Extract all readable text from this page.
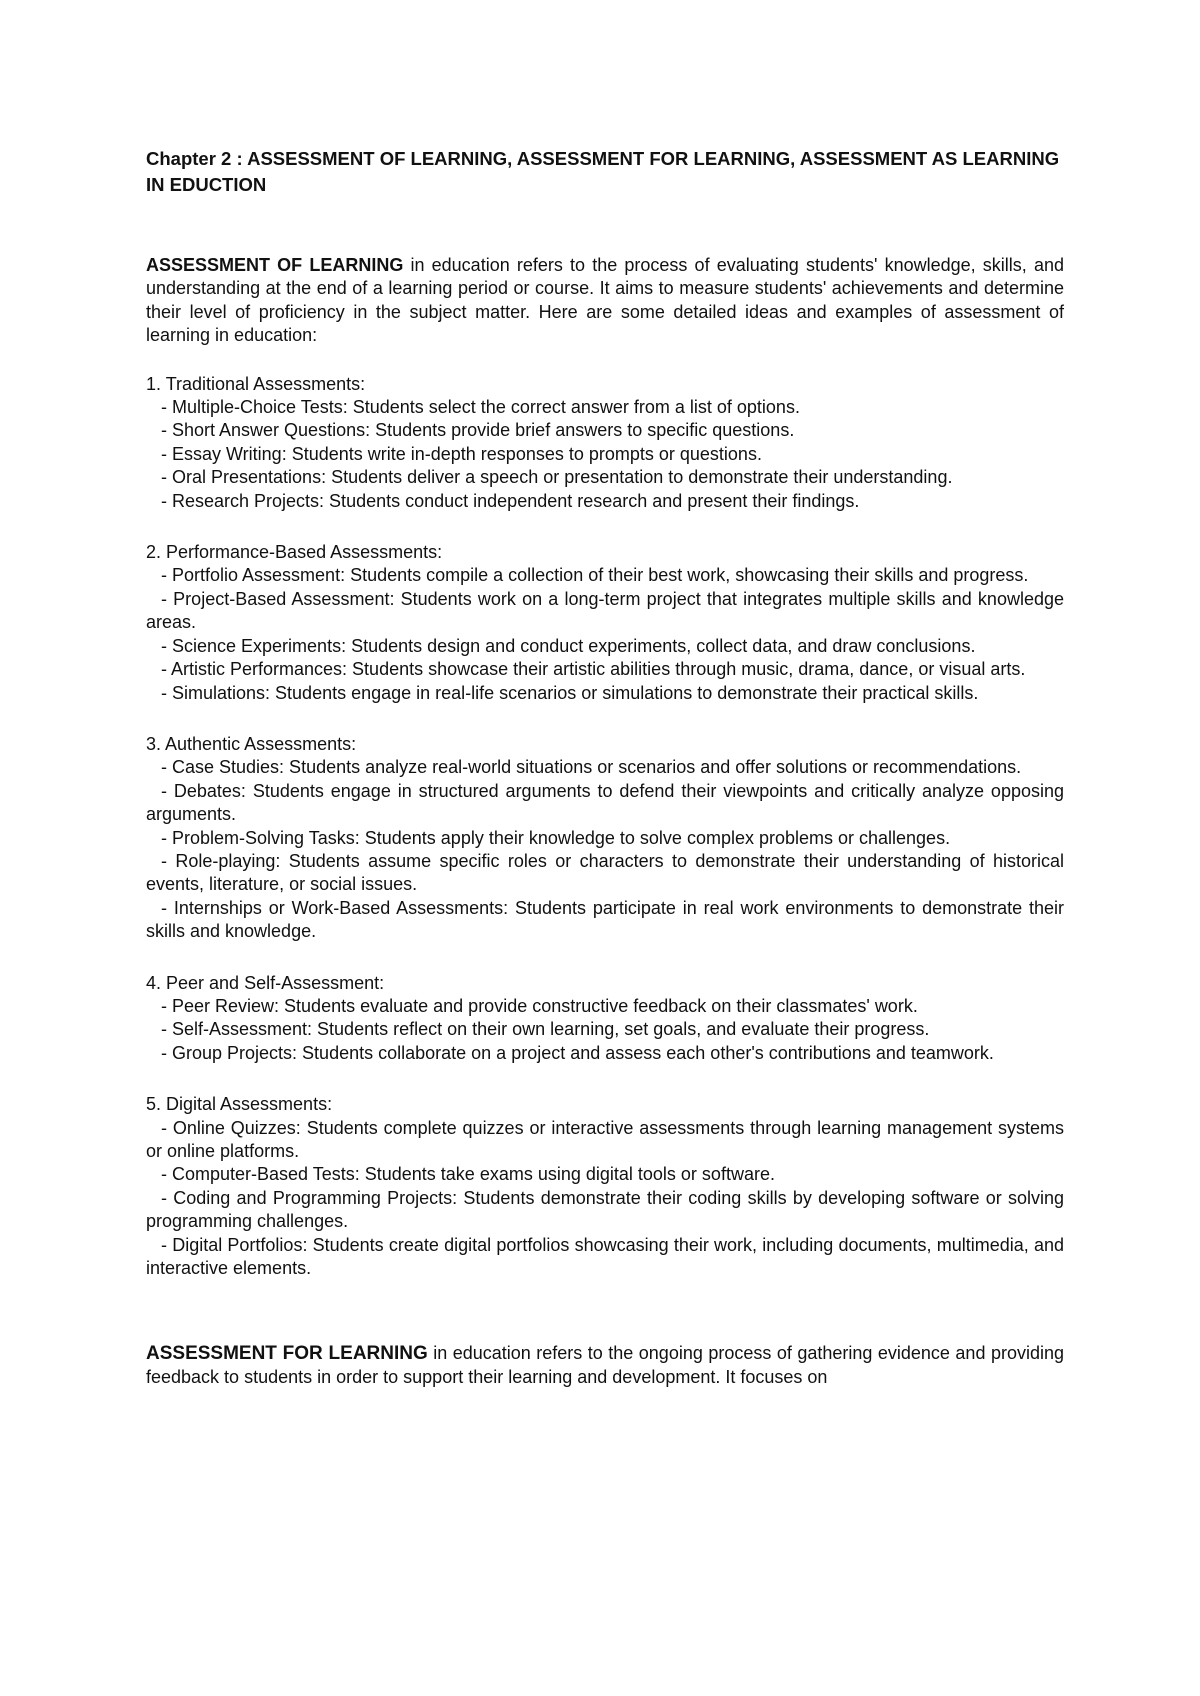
Chapter 2 : ASSESSMENT OF LEARNING, ASSESSMENT FOR LEARNING, ASSESSMENT AS LEARNING IN EDUCTION

ASSESSMENT OF LEARNING in education refers to the process of evaluating students' knowledge, skills, and understanding at the end of a learning period or course. It aims to measure students' achievements and determine their level of proficiency in the subject matter. Here are some detailed ideas and examples of assessment of learning in education:

1. Traditional Assessments:

- Multiple-Choice Tests: Students select the correct answer from a list of options.
- Short Answer Questions: Students provide brief answers to specific questions.
- Essay Writing: Students write in-depth responses to prompts or questions.
- Oral Presentations: Students deliver a speech or presentation to demonstrate their understanding.
- Research Projects: Students conduct independent research and present their findings.

2. Performance-Based Assessments:

- Portfolio Assessment: Students compile a collection of their best work, showcasing their skills and progress.
- Project-Based Assessment: Students work on a long-term project that integrates multiple skills and knowledge areas.
- Science Experiments: Students design and conduct experiments, collect data, and draw conclusions.
- Artistic Performances: Students showcase their artistic abilities through music, drama, dance, or visual arts.
- Simulations: Students engage in real-life scenarios or simulations to demonstrate their practical skills.

3. Authentic Assessments:

- Case Studies: Students analyze real-world situations or scenarios and offer solutions or recommendations.
- Debates: Students engage in structured arguments to defend their viewpoints and critically analyze opposing arguments.
- Problem-Solving Tasks: Students apply their knowledge to solve complex problems or challenges.
- Role-playing: Students assume specific roles or characters to demonstrate their understanding of historical events, literature, or social issues.
- Internships or Work-Based Assessments: Students participate in real work environments to demonstrate their skills and knowledge.

4. Peer and Self-Assessment:

- Peer Review: Students evaluate and provide constructive feedback on their classmates' work.
- Self-Assessment: Students reflect on their own learning, set goals, and evaluate their progress.
- Group Projects: Students collaborate on a project and assess each other's contributions and teamwork.

5. Digital Assessments:

- Online Quizzes: Students complete quizzes or interactive assessments through learning management systems or online platforms.
- Computer-Based Tests: Students take exams using digital tools or software.
- Coding and Programming Projects: Students demonstrate their coding skills by developing software or solving programming challenges.
- Digital Portfolios: Students create digital portfolios showcasing their work, including documents, multimedia, and interactive elements.

ASSESSMENT FOR LEARNING in education refers to the ongoing process of gathering evidence and providing feedback to students in order to support their learning and development. It focuses on
